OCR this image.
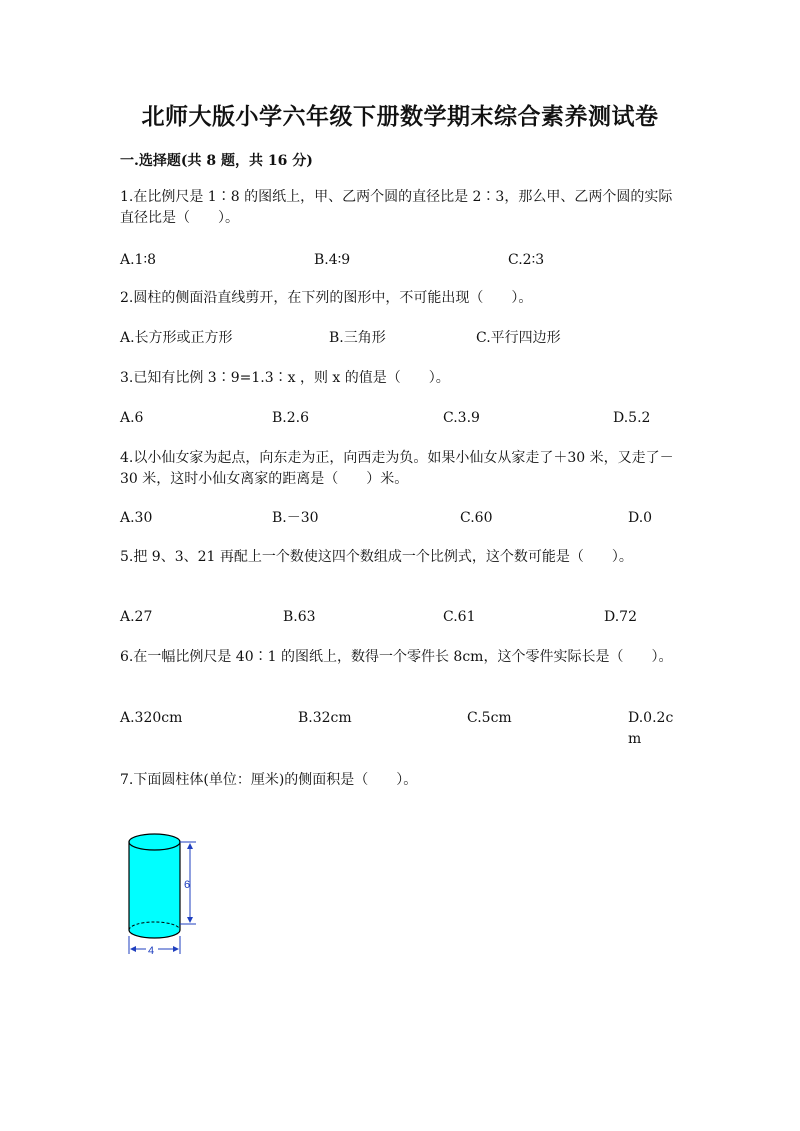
北师大版小学六年级下册数学期末综合素养测试卷

一.选择题(共 8 题，共 16 分)

1.在比例尺是 1∶8 的图纸上，甲、乙两个圆的直径比是 2∶3，那么甲、乙两个圆的实际直径比是（　　）。

A.1∶8	B.4∶9	C.2∶3

2.圆柱的侧面沿直线剪开，在下列的图形中，不可能出现（　　）。

A.长方形或正方形	B.三角形	C.平行四边形

3.已知有比例 3∶9=1.3∶x ，则 x 的值是（　　）。

A.6	B.2.6	C.3.9	D.5.2

4.以小仙女家为起点，向东走为正，向西走为负。如果小仙女从家走了＋30 米，又走了－30 米，这时小仙女离家的距离是（　　）米。

A.30	B.－30	C.60	D.0

5.把 9、3、21 再配上一个数使这四个数组成一个比例式，这个数可能是（　　）。

A.27	B.63	C.61	D.72

6.在一幅比例尺是 40∶1 的图纸上，数得一个零件长 8cm，这个零件实际长是（　　）。

A.320cm	B.32cm	C.5cm	D.0.2cm

7.下面圆柱体(单位：厘米)的侧面积是（　　）。

6
4
